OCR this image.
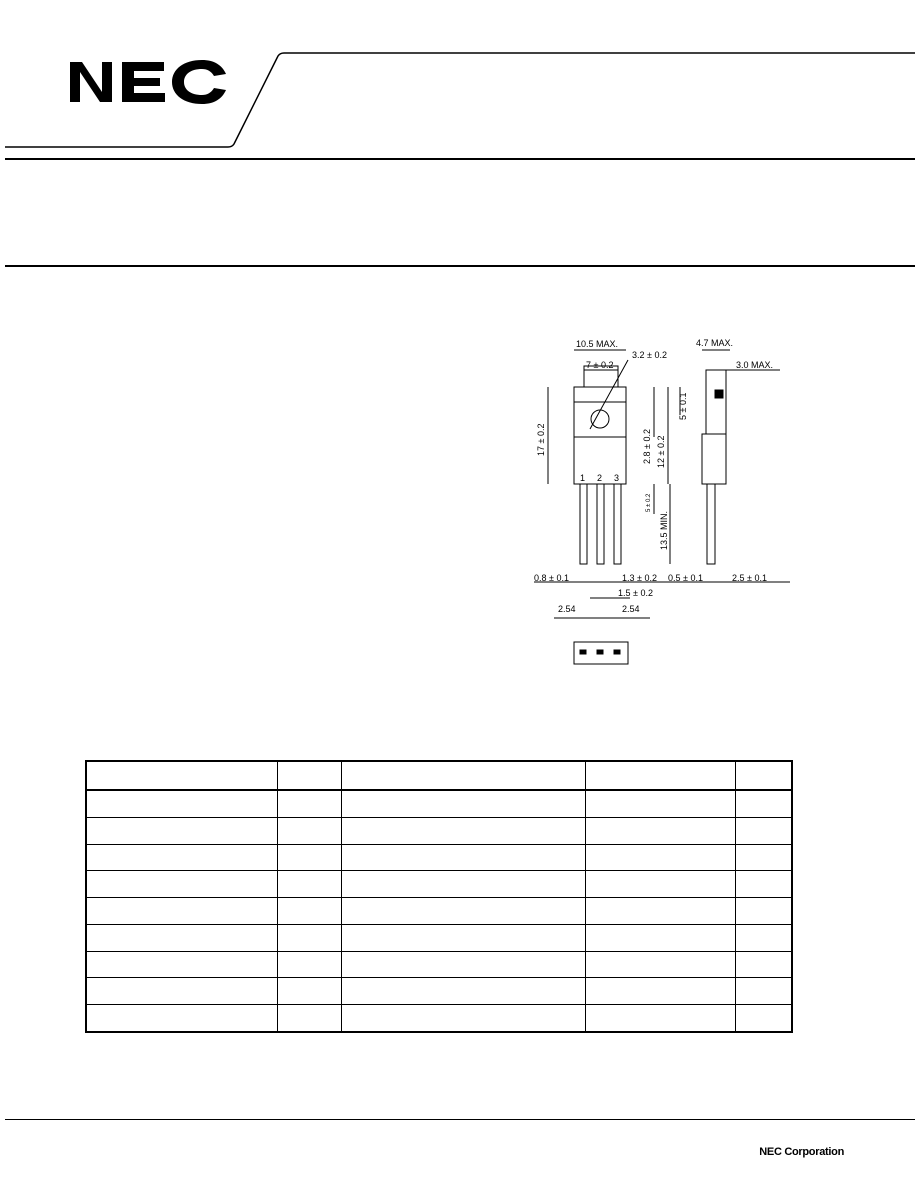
10.5 MAX.
7 ± 0.2
3.2 ± 0.2
4.7 MAX.
3.0 MAX.
17 ± 0.2	2.8 ± 0.2 12 ± 0.2
5 ± 0.1
5 ± 0.2
13.5 MIN.
1 2 3
0.8 ± 0.1	1.3 ± 0.2 0.5 ± 0.1	2.5 ± 0.1
1.5 ± 0.2
2.54	2.54

NEC Corporation
